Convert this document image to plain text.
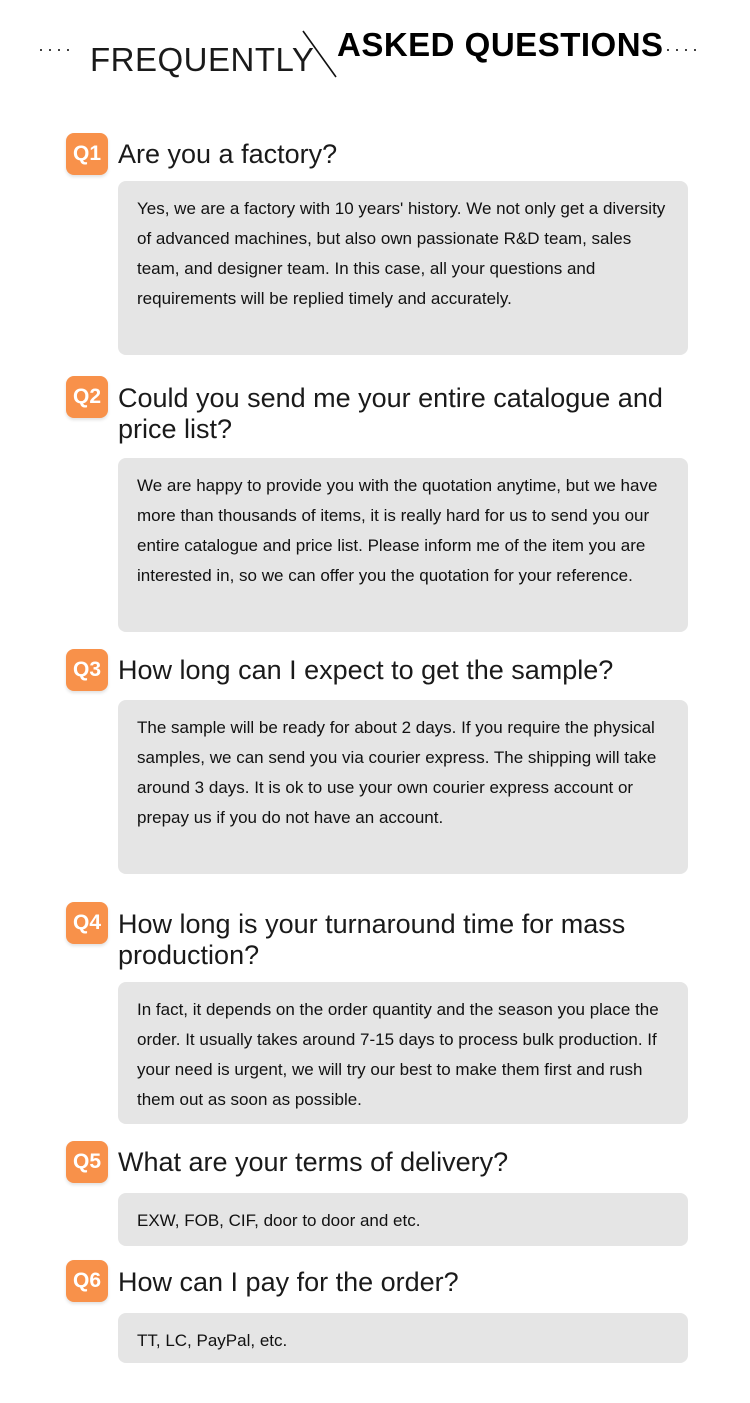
···· FREQUENTLY ASKED QUESTIONS ····
Q1 Are you a factory?
Yes, we are a factory with 10 years' history. We not only get a diversity of advanced machines, but also own passionate R&D team, sales team, and designer team. In this case, all your questions and requirements will be replied timely and accurately.
Q2 Could you send me your entire catalogue and price list?
We are happy to provide you with the quotation anytime, but we have more than thousands of items, it is really hard for us to send you our entire catalogue and price list. Please inform me of the item you are interested in, so we can offer you the quotation for your reference.
Q3 How long can I expect to get the sample?
The sample will be ready for about 2 days. If you require the physical samples, we can send you via courier express. The shipping will take around 3 days. It is ok to use your own courier express account or prepay us if you do not have an account.
Q4 How long is your turnaround time for mass production?
In fact, it depends on the order quantity and the season you place the order. It usually takes around 7-15 days to process bulk production. If your need is urgent, we will try our best to make them first and rush them out as soon as possible.
Q5 What are your terms of delivery?
EXW, FOB, CIF, door to door and etc.
Q6 How can I pay for the order?
TT, LC, PayPal, etc.
